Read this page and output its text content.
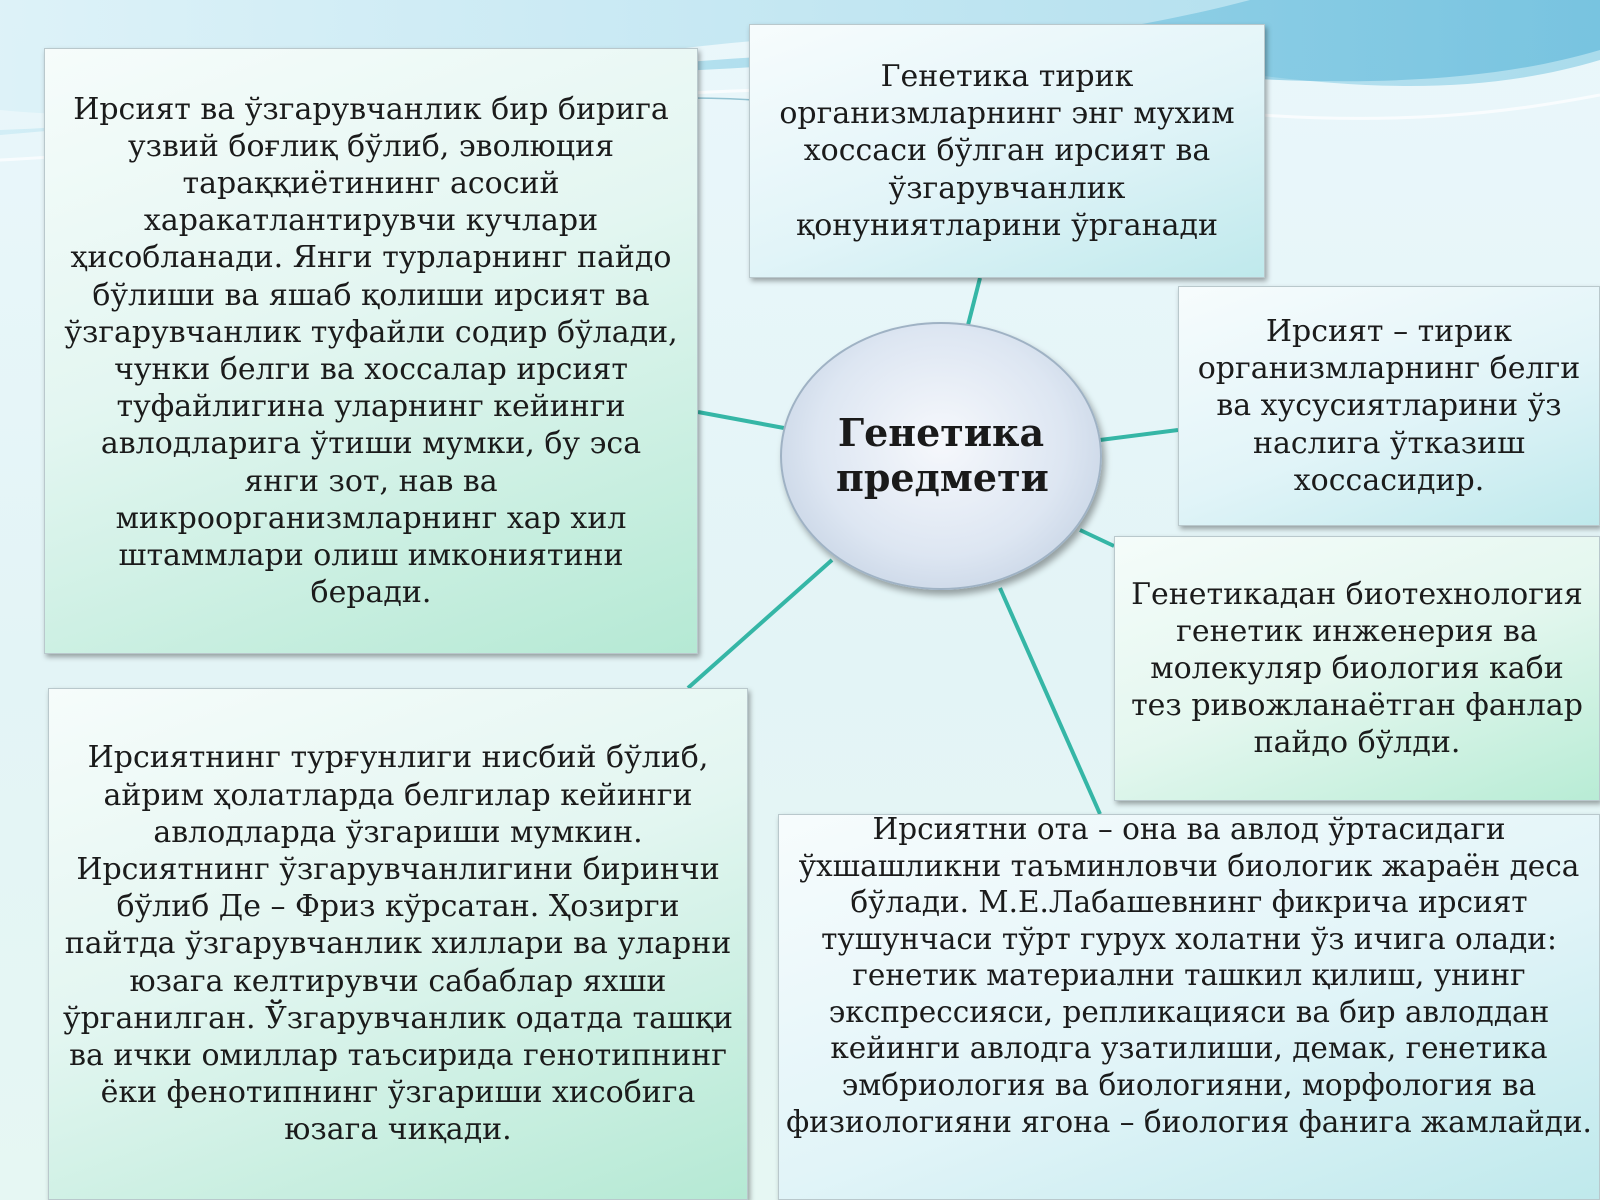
Ирсият ва ўзгарувчанлик бир бирига узвий боғлиқ бўлиб, эволюция тараққиётининг асосий харакатлантирувчи кучлари ҳисобланади. Янги турларнинг пайдо бўлиши ва яшаб қолиши ирсият ва ўзгарувчанлик туфайли содир бўлади, чунки белги ва хоссалар ирсият туфайлигина уларнинг кейинги авлодларига ўтиши мумки, бу эса янги зот, нав ва микроорганизмларнинг хар хил штаммлари олиш имкониятини беради.
Генетика тирик организмларнинг энг мухим хоссаси бўлган ирсият ва ўзгарувчанлик қонуниятларини ўрганади
Ирсият – тирик организмларнинг белги ва хусусиятларини ўз наслига ўтказиш хоссасидир.
Генетикадан биотехнология генетик инженерия ва молекуляр биология каби тез ривожланаётган фанлар пайдо бўлди.
Ирсиятнинг турғунлиги нисбий бўлиб, айрим ҳолатларда белгилар кейинги авлодларда ўзгариши мумкин. Ирсиятнинг ўзгарувчанлигини биринчи бўлиб Де – Фриз кўрсатан. Ҳозирги пайтда ўзгарувчанлик хиллари ва уларни юзага келтирувчи сабаблар яхши ўрганилган. Ўзгарувчанлик одатда ташқи ва ички омиллар таъсирида генотипнинг ёки фенотипнинг ўзгариши хисобига юзага чиқади.
Ирсиятни ота – она ва авлод ўртасидаги ўхшашликни таъминловчи биологик жараён деса бўлади. М.Е.Лабашевнинг фикрича ирсият тушунчаси тўрт гурух холатни ўз ичига олади: генетик материални ташкил қилиш, унинг экспрессияси, репликацияси ва бир авлоддан кейинги авлодга узатилиши, демак, генетика эмбриология ва биологияни, морфология ва физиологияни ягона – биология фанига жамлайди.
Генетика предмети
